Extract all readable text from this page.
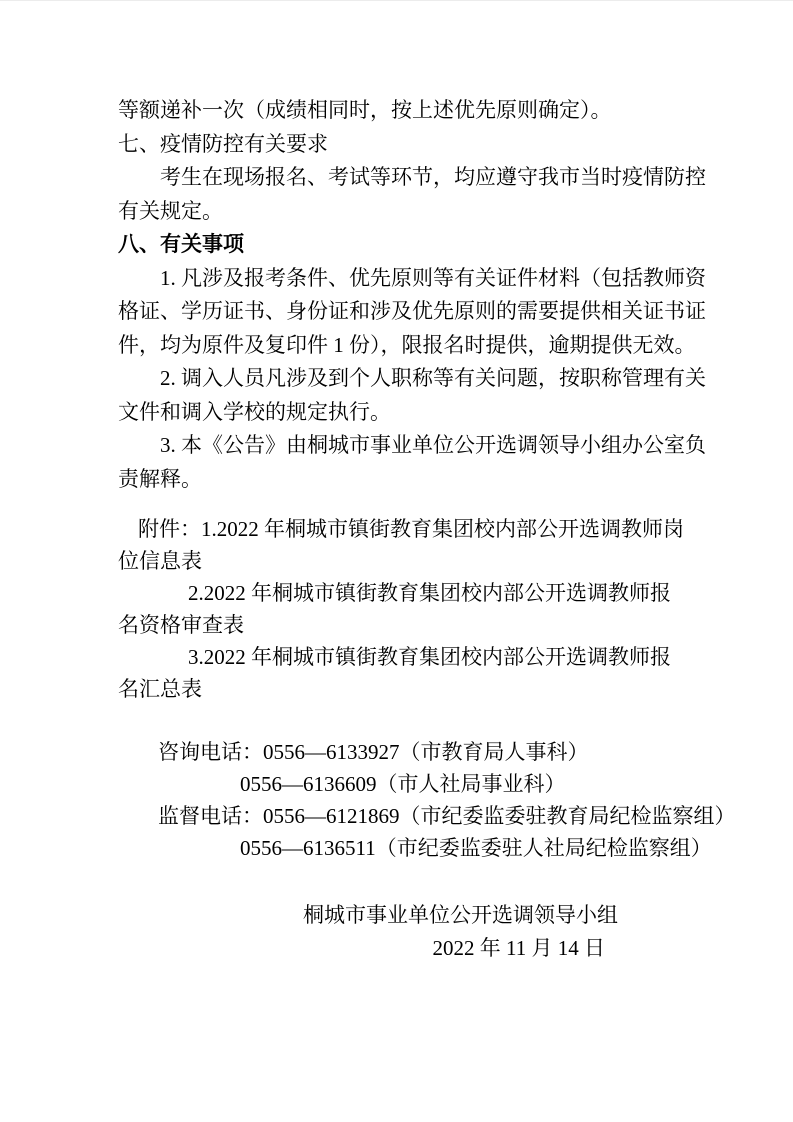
等额递补一次（成绩相同时，按上述优先原则确定）。
七、疫情防控有关要求
考生在现场报名、考试等环节，均应遵守我市当时疫情防控
有关规定。
八、有关事项
1. 凡涉及报考条件、优先原则等有关证件材料（包括教师资
格证、学历证书、身份证和涉及优先原则的需要提供相关证书证
件，均为原件及复印件 1 份），限报名时提供，逾期提供无效。
2. 调入人员凡涉及到个人职称等有关问题，按职称管理有关
文件和调入学校的规定执行。
3. 本《公告》由桐城市事业单位公开选调领导小组办公室负
责解释。
附件：1.2022 年桐城市镇街教育集团校内部公开选调教师岗
位信息表
2.2022 年桐城市镇街教育集团校内部公开选调教师报
名资格审查表
3.2022 年桐城市镇街教育集团校内部公开选调教师报
名汇总表
咨询电话：0556—6133927（市教育局人事科）
0556—6136609（市人社局事业科）
监督电话：0556—6121869（市纪委监委驻教育局纪检监察组）
0556—6136511（市纪委监委驻人社局纪检监察组）
桐城市事业单位公开选调领导小组
2022 年 11 月 14 日
